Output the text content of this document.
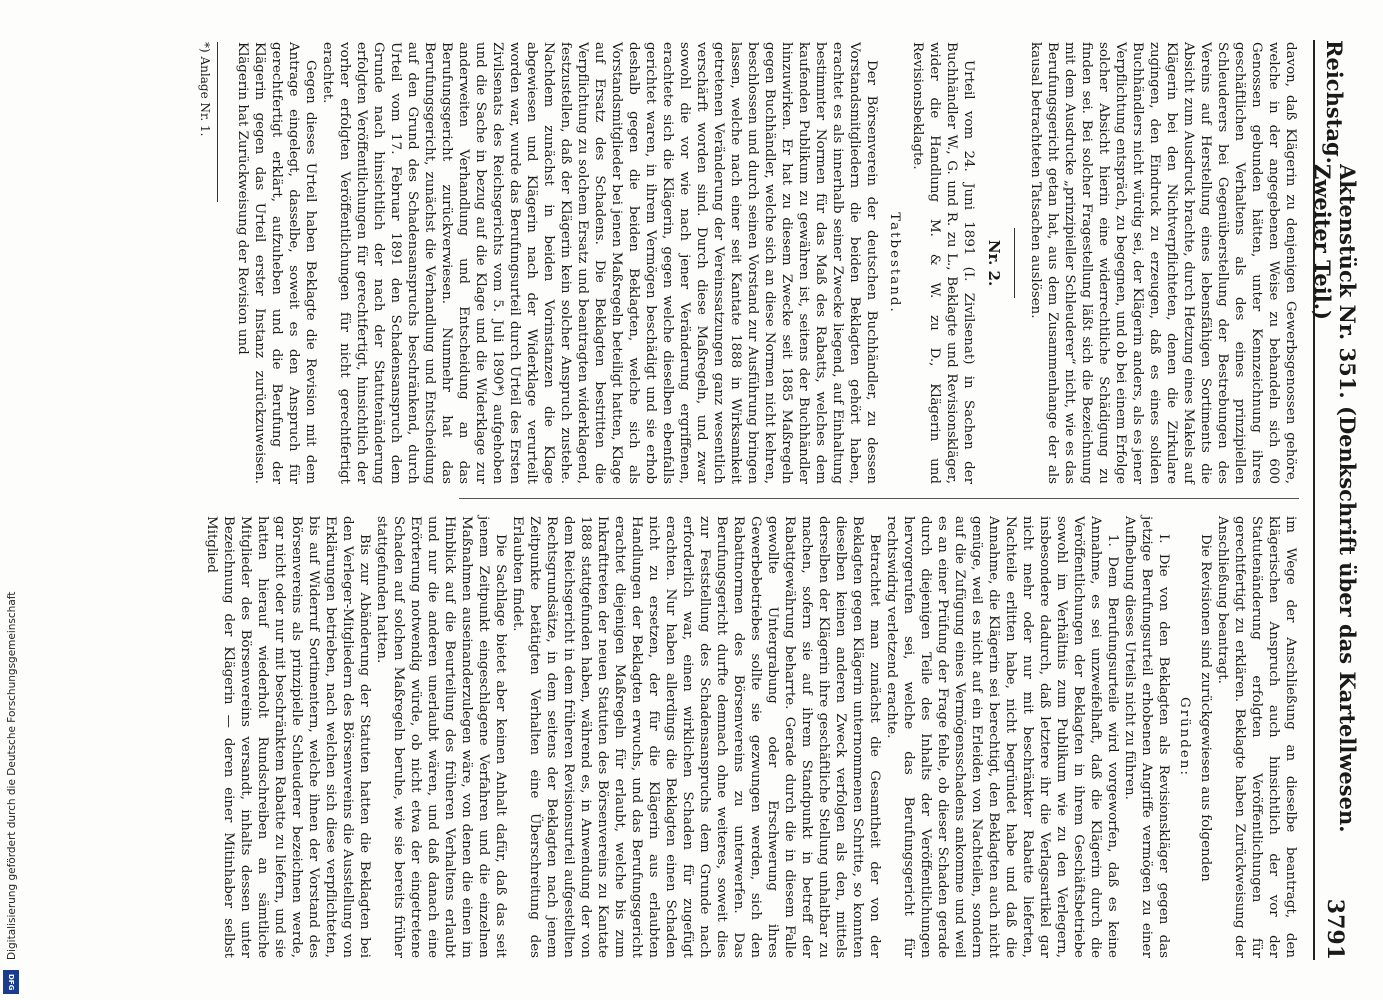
Reichstag.
Aktenstück Nr. 351. (Denkschrift über das Kartellwesen. Zweiter Teil.)
3791

davon, daß Klägerin zu denjenigen Gewerbsgenossen gehöre, welche in der angegebenen Weise zu behandeln sich 600 Genossen gebunden hätten, unter Kennzeichnung ihres geschäftlichen Verhaltens als des eines prinzipiellen Schleuderers bei Gegenüberstellung der Bestrebungen des Vereins auf Herstellung eines lebensfähigen Sortiments die Absicht zum Ausdruck brachte, durch Hetzung eines Makels auf Klägerin bei den Nichtverpflichteten, denen die Zirkulare zugingen, den Eindruck zu erzeugen, daß es eines soliden Buchhändlers nicht würdig sei, der Klägerin anders, als es jener Verpflichtung entspräch, zu begegnen, und ob bei einem Erfolge solcher Absicht hierin eine widerrechtliche Schädigung zu finden sei. Bei solcher Fragestellung läßt sich die Bezeichnung mit dem Ausdrucke „prinzipieller Schleuderer“ nicht, wie es das Berufungsgericht getan hat, aus dem Zusammenhange der als kausal betrachteten Tatsachen auslösen.

Nr. 2.

Urteil vom 24. Juni 1891 (I. Zivilsenat) in Sachen der Buchhändler W., G. und R. zu L., Beklagte und Revisionskläger, wider die Handlung M. & W. zu D., Klägerin und Revisionsbeklagte.

Tatbestand.

Der Börsenverein der deutschen Buchhändler, zu dessen Vorstandsmitgliedern die beiden Beklagten gehört haben, erachtet es als innerhalb seiner Zwecke liegend, auf Einhaltung bestimmter Normen für das Maß des Rabatts, welches dem kaufenden Publikum zu gewähren ist, seitens der Buchhändler hinzuwirken. Er hat zu diesem Zwecke seit 1885 Maßregeln gegen Buchhändler, welche sich an diese Normen nicht kehren, beschlossen und durch seinen Vorstand zur Ausführung bringen lassen, welche nach einer seit Kantate 1888 in Wirksamkeit getretenen Veränderung der Vereinssatzungen ganz wesentlich verschärft worden sind. Durch diese Maßregeln, und zwar sowohl die vor wie nach jener Veränderung ergriffenen, erachtete sich die Klägerin, gegen welche dieselben ebenfalls gerichtet waren, in ihrem Vermögen beschädigt und sie erhob deshalb gegen die beiden Beklagten, welche sich als Vorstandsmitglieder bei jenen Maßregeln beteiligt hatten, Klage auf Ersatz des Schadens. Die Beklagten bestritten die Verpflichtung zu solchem Ersatz und beantragten widerklagend, festzustellen, daß der Klägerin kein solcher Anspruch zustehe. Nachdem zunächst in beiden Vorinstanzen die Klage abgewiesen und Klägerin nach der Widerklage verurteilt worden war, wurde das Berufungsurteil durch Urteil des Ersten Zivilsenats des Reichsgerichts vom 5. Juli 1890*) aufgehoben und die Sache in bezug auf die Klage und die Widerklage zur anderweiten Verhandlung und Entscheidung an das Berufungsgericht zurückverwiesen. Nunmehr hat das Berufungsgericht, zunächst die Verhandlung und Entscheidung auf den Grund des Schadensanspruchs beschränkend, durch Urteil vom 17. Februar 1891 den Schadensanspruch dem Grunde nach hinsichtlich der nach der Statutenänderung erfolgten Veröffentlichungen für gerechtfertigt, hinsichtlich der vorher erfolgten Veröffentlichungen für nicht gerechtfertigt erachtet.

Gegen dieses Urteil haben Beklagte die Revision mit dem Antrage eingelegt, dasselbe, soweit es den Anspruch für gerechtfertigt erklärt, aufzuheben und die Berufung der Klägerin gegen das Urteil erster Instanz zurückzuweisen. Klägerin hat Zurückweisung der Revision und

*) Anlage Nr. 1.

im Wege der Anschließung an dieselbe beantragt, den klägerischen Anspruch auch hinsichtlich der vor der Statutenänderung erfolgten Veröffentlichungen für gerechtfertigt zu erklären. Beklagte haben Zurückweisung der Anschließung beantragt.

Die Revisionen sind zurückgewiesen aus folgenden

Gründen:

I. Die von den Beklagten als Revisionskläger gegen das jetzige Berufungsurteil erhobenen Angriffe vermögen zu einer Aufhebung dieses Urteils nicht zu führen.

1. Dem Berufungsurteile wird vorgeworfen, daß es keine Annahme, es sei unzweifelhaft, daß die Klägerin durch die Veröffentlichungen der Beklagten in ihrem Geschäftsbetriebe sowohl im Verhältnis zum Publikum wie zu den Verlegern, insbesondere dadurch, daß letztere ihr die Verlagsartikel gar nicht mehr oder nur mit beschränkter Rabatte lieferten, Nachteile erlitten habe, nicht begründet habe und daß die Annahme, die Klägerin sei berechtigt, den Beklagten auch nicht genüge, weil es nicht auf ein Erleiden von Nachteilen, sondern auf die Zufügung eines Vermögensschadens ankomme und weil es an einer Prüfung der Frage fehle, ob dieser Schaden gerade durch diejenigen Teile des Inhalts der Veröffentlichungen hervorgerufen sei, welche das Berufungsgericht für rechtswidrig verletzend erachte.

Betrachtet man zunächst die Gesamtheit der von der Beklagten gegen Klägerin unternommenen Schritte, so konnten dieselben keinen anderen Zweck verfolgen als den, mittels derselben der Klägerin ihre geschäftliche Stellung unhaltbar zu machen, sofern sie auf ihrem Standpunkt in betreff der Rabattgewährung beharrte. Gerade durch die in diesem Falle gewollte Untergrabung oder Erschwerung ihres Gewerbebetriebes sollte sie gezwungen werden, sich den Rabattnormen des Börsenvereins zu unterwerfen. Das Berufungsgericht durfte demnach ohne weiteres, soweit dies zur Feststellung des Schadensanspruchs dem Grunde nach erforderlich war, einen wirklichen Schaden für zugefügt erachten. Nur haben allerdings die Beklagten einen Schaden nicht zu ersetzen, der für die Klägerin aus erlaubten Handlungen der Beklagten erwuchs, und das Berufungsgericht erachtet diejenigen Maßregeln für erlaubt, welche bis zum Inkrafttreten der neuen Statuten des Börsenvereins zu Kantate 1888 stattgefunden haben, während es, in Anwendung der von dem Reichsgericht in dem früheren Revisionsurteil aufgestellten Rechtsgrundsätze, in dem seitens der Beklagten nach jenem Zeitpunkte betätigten Verhalten eine Überschreitung des Erlaubten findet.

Die Sachlage bietet aber keinen Anhalt dafür, daß das seit jenem Zeitpunkt eingeschlagene Verfahren und die einzelnen Maßnahmen auseinanderzulegen wäre, von denen die einen im Hinblick auf die Beurteilung des früheren Verhaltens erlaubt und nur die anderen unerlaubt wären, und daß danach eine Erörterung notwendig würde, ob nicht etwa der eingetretene Schaden auf solchen Maßregeln beruhe, wie sie bereits früher stattgefunden hatten.

Bis zur Abänderung der Statuten hatten die Beklagten bei den Verleger-Mitgliedern des Börsenvereins die Ausstellung von Erklärungen betrieben, nach welchen sich diese verpflichteten, bis auf Widerruf Sortimentern, welche ihnen der Vorstand des Börsenvereins als prinzipielle Schleuderer bezeichnen werde, gar nicht oder nur mit beschränktem Rabatte zu liefern, und sie hatten hierauf wiederholt Rundschreiben an sämtliche Mitglieder des Börsenvereins versandt, inhalts dessen unter Bezeichnung der Klägerin — deren einer Mitinhaber selbst Mitglied

Digitalisierung gefördert durch die Deutsche Forschungsgemeinschaft
DFG
